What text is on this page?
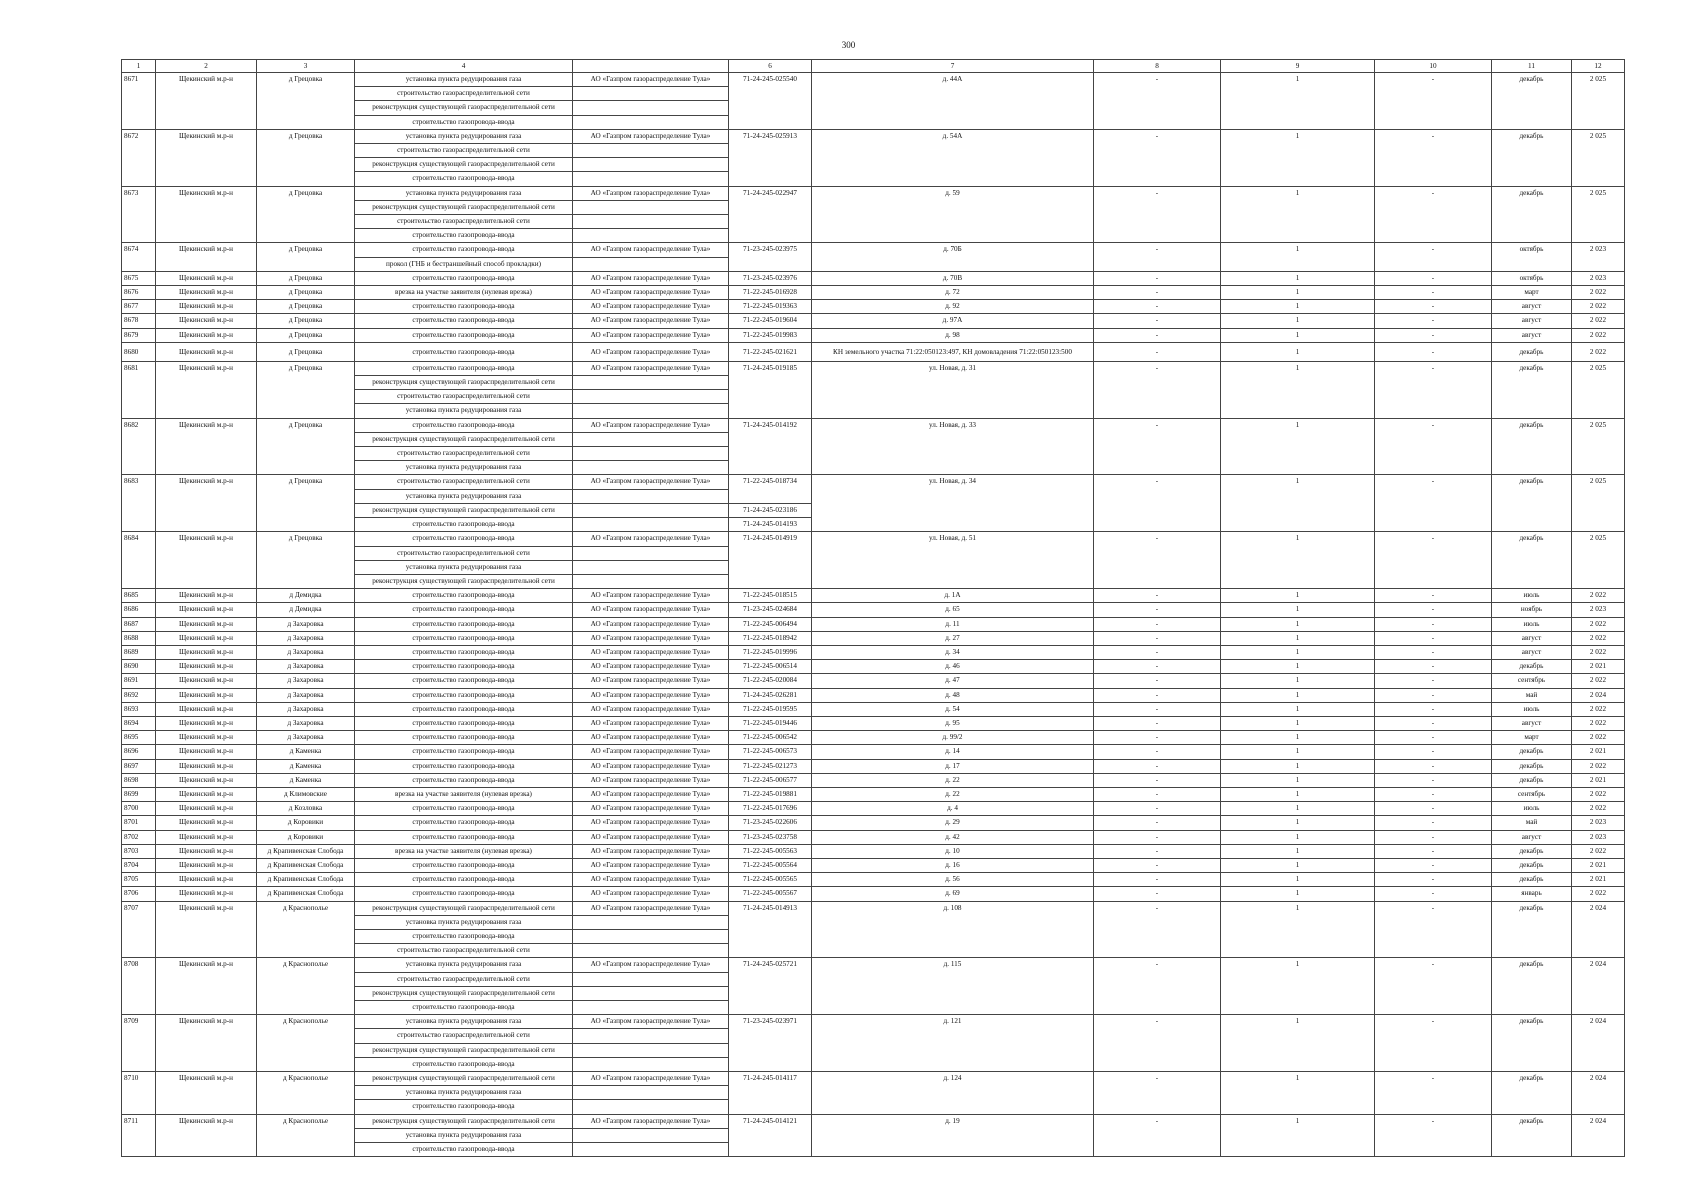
300
1	2	3	4		6	7	8	9	10	11	12
8671	Щекинский м.р-н	д Грецовка	установка пункта редуцирования газа	АО «Газпром газораспределение Тула»	71-24-245-025540	д. 44А	-	1	-	декабрь	2 025
			строительство газораспределительной сети								
			реконструкция существующей газораспределительной сети								
			строительство газопровода-ввода								
8672	Щекинский м.р-н	д Грецовка	установка пункта редуцирования газа	АО «Газпром газораспределение Тула»	71-24-245-025913	д. 54А	-	1	-	декабрь	2 025
			строительство газораспределительной сети								
			реконструкция существующей газораспределительной сети								
			строительство газопровода-ввода								
8673	Щекинский м.р-н	д Грецовка	установка пункта редуцирования газа	АО «Газпром газораспределение Тула»	71-24-245-022947	д. 59	-	1	-	декабрь	2 025
			реконструкция существующей газораспределительной сети								
			строительство газораспределительной сети								
			строительство газопровода-ввода								
8674	Щекинский м.р-н	д Грецовка	строительство газопровода-ввода	АО «Газпром газораспределение Тула»	71-23-245-023975	д. 70Б	-	1	-	октябрь	2 023
			прокол (ГНБ и бестраншейный способ прокладки)								
8675	Щекинский м.р-н	д Грецовка	строительство газопровода-ввода	АО «Газпром газораспределение Тула»	71-23-245-023976	д. 70В	-	1	-	октябрь	2 023
8676	Щекинский м.р-н	д Грецовка	врезка на участке заявителя (нулевая врезка)	АО «Газпром газораспределение Тула»	71-22-245-016928	д. 72	-	1	-	март	2 022
8677	Щекинский м.р-н	д Грецовка	строительство газопровода-ввода	АО «Газпром газораспределение Тула»	71-22-245-019363	д. 92	-	1	-	август	2 022
8678	Щекинский м.р-н	д Грецовка	строительство газопровода-ввода	АО «Газпром газораспределение Тула»	71-22-245-019604	д. 97А	-	1	-	август	2 022
8679	Щекинский м.р-н	д Грецовка	строительство газопровода-ввода	АО «Газпром газораспределение Тула»	71-22-245-019983	д. 98	-	1	-	август	2 022
8680	Щекинский м.р-н	д Грецовка	строительство газопровода-ввода	АО «Газпром газораспределение Тула»	71-22-245-021621	КН земельного участка 71:22:050123:497, КН домовладения 71:22:050123:500	-	1	-	декабрь	2 022
8681	Щекинский м.р-н	д Грецовка	строительство газопровода-ввода	АО «Газпром газораспределение Тула»	71-24-245-019185	ул. Новая, д. 31	-	1	-	декабрь	2 025
			реконструкция существующей газораспределительной сети								
			строительство газораспределительной сети								
			установка пункта редуцирования газа								
8682	Щекинский м.р-н	д Грецовка	строительство газопровода-ввода	АО «Газпром газораспределение Тула»	71-24-245-014192	ул. Новая, д. 33	-	1	-	декабрь	2 025
			реконструкция существующей газораспределительной сети								
			строительство газораспределительной сети								
			установка пункта редуцирования газа								
8683	Щекинский м.р-н	д Грецовка	строительство газораспределительной сети	АО «Газпром газораспределение Тула»	71-22-245-018734	ул. Новая, д. 34	-	1	-	декабрь	2 025
			установка пункта редуцирования газа								
			реконструкция существующей газораспределительной сети		71-24-245-023186						
			строительство газопровода-ввода		71-24-245-014193						
8684	Щекинский м.р-н	д Грецовка	строительство газопровода-ввода	АО «Газпром газораспределение Тула»	71-24-245-014919	ул. Новая, д. 51	-	1	-	декабрь	2 025
			строительство газораспределительной сети								
			установка пункта редуцирования газа								
			реконструкция существующей газораспределительной сети								
8685	Щекинский м.р-н	д Демидка	строительство газопровода-ввода	АО «Газпром газораспределение Тула»	71-22-245-018515	д. 1А	-	1	-	июль	2 022
8686	Щекинский м.р-н	д Демидка	строительство газопровода-ввода	АО «Газпром газораспределение Тула»	71-23-245-024684	д. 65	-	1	-	ноябрь	2 023
8687	Щекинский м.р-н	д Захаровка	строительство газопровода-ввода	АО «Газпром газораспределение Тула»	71-22-245-006494	д. 11	-	1	-	июль	2 022
8688	Щекинский м.р-н	д Захаровка	строительство газопровода-ввода	АО «Газпром газораспределение Тула»	71-22-245-018942	д. 27	-	1	-	август	2 022
8689	Щекинский м.р-н	д Захаровка	строительство газопровода-ввода	АО «Газпром газораспределение Тула»	71-22-245-019996	д. 34	-	1	-	август	2 022
8690	Щекинский м.р-н	д Захаровка	строительство газопровода-ввода	АО «Газпром газораспределение Тула»	71-22-245-006514	д. 46	-	1	-	декабрь	2 021
8691	Щекинский м.р-н	д Захаровка	строительство газопровода-ввода	АО «Газпром газораспределение Тула»	71-22-245-020084	д. 47	-	1	-	сентябрь	2 022
8692	Щекинский м.р-н	д Захаровка	строительство газопровода-ввода	АО «Газпром газораспределение Тула»	71-24-245-026281	д. 48	-	1	-	май	2 024
8693	Щекинский м.р-н	д Захаровка	строительство газопровода-ввода	АО «Газпром газораспределение Тула»	71-22-245-019595	д. 54	-	1	-	июль	2 022
8694	Щекинский м.р-н	д Захаровка	строительство газопровода-ввода	АО «Газпром газораспределение Тула»	71-22-245-019446	д. 95	-	1	-	август	2 022
8695	Щекинский м.р-н	д Захаровка	строительство газопровода-ввода	АО «Газпром газораспределение Тула»	71-22-245-006542	д. 99/2	-	1	-	март	2 022
8696	Щекинский м.р-н	д Каменка	строительство газопровода-ввода	АО «Газпром газораспределение Тула»	71-22-245-006573	д. 14	-	1	-	декабрь	2 021
8697	Щекинский м.р-н	д Каменка	строительство газопровода-ввода	АО «Газпром газораспределение Тула»	71-22-245-021273	д. 17	-	1	-	декабрь	2 022
8698	Щекинский м.р-н	д Каменка	строительство газопровода-ввода	АО «Газпром газораспределение Тула»	71-22-245-006577	д. 22	-	1	-	декабрь	2 021
8699	Щекинский м.р-н	д Климовские	врезка на участке заявителя (нулевая врезка)	АО «Газпром газораспределение Тула»	71-22-245-019881	д. 22	-	1	-	сентябрь	2 022
8700	Щекинский м.р-н	д Козловка	строительство газопровода-ввода	АО «Газпром газораспределение Тула»	71-22-245-017696	д. 4	-	1	-	июль	2 022
8701	Щекинский м.р-н	д Коровики	строительство газопровода-ввода	АО «Газпром газораспределение Тула»	71-23-245-022606	д. 29	-	1	-	май	2 023
8702	Щекинский м.р-н	д Коровики	строительство газопровода-ввода	АО «Газпром газораспределение Тула»	71-23-245-023758	д. 42	-	1	-	август	2 023
8703	Щекинский м.р-н	д Крапивенская Слобода	врезка на участке заявителя (нулевая врезка)	АО «Газпром газораспределение Тула»	71-22-245-005563	д. 10	-	1	-	декабрь	2 022
8704	Щекинский м.р-н	д Крапивенская Слобода	строительство газопровода-ввода	АО «Газпром газораспределение Тула»	71-22-245-005564	д. 16	-	1	-	декабрь	2 021
8705	Щекинский м.р-н	д Крапивенская Слобода	строительство газопровода-ввода	АО «Газпром газораспределение Тула»	71-22-245-005565	д. 56	-	1	-	декабрь	2 021
8706	Щекинский м.р-н	д Крапивенская Слобода	строительство газопровода-ввода	АО «Газпром газораспределение Тула»	71-22-245-005567	д. 69	-	1	-	январь	2 022
8707	Щекинский м.р-н	д Краснополье	реконструкция существующей газораспределительной сети	АО «Газпром газораспределение Тула»	71-24-245-014913	д. 108	-	1	-	декабрь	2 024
			установка пункта редуцирования газа								
			строительство газопровода-ввода								
			строительство газораспределительной сети								
8708	Щекинский м.р-н	д Краснополье	установка пункта редуцирования газа	АО «Газпром газораспределение Тула»	71-24-245-025721	д. 115	-	1	-	декабрь	2 024
			строительство газораспределительной сети								
			реконструкция существующей газораспределительной сети								
			строительство газопровода-ввода								
8709	Щекинский м.р-н	д Краснополье	установка пункта редуцирования газа	АО «Газпром газораспределение Тула»	71-23-245-023971	д. 121	-	1	-	декабрь	2 024
			строительство газораспределительной сети								
			реконструкция существующей газораспределительной сети								
			строительство газопровода-ввода								
8710	Щекинский м.р-н	д Краснополье	реконструкция существующей газораспределительной сети	АО «Газпром газораспределение Тула»	71-24-245-014117	д. 124	-	1	-	декабрь	2 024
			установка пункта редуцирования газа								
			строительство газопровода-ввода								
8711	Щекинский м.р-н	д Краснополье	реконструкция существующей газораспределительной сети	АО «Газпром газораспределение Тула»	71-24-245-014121	д. 19	-	1	-	декабрь	2 024
			установка пункта редуцирования газа								
			строительство газопровода-ввода								
